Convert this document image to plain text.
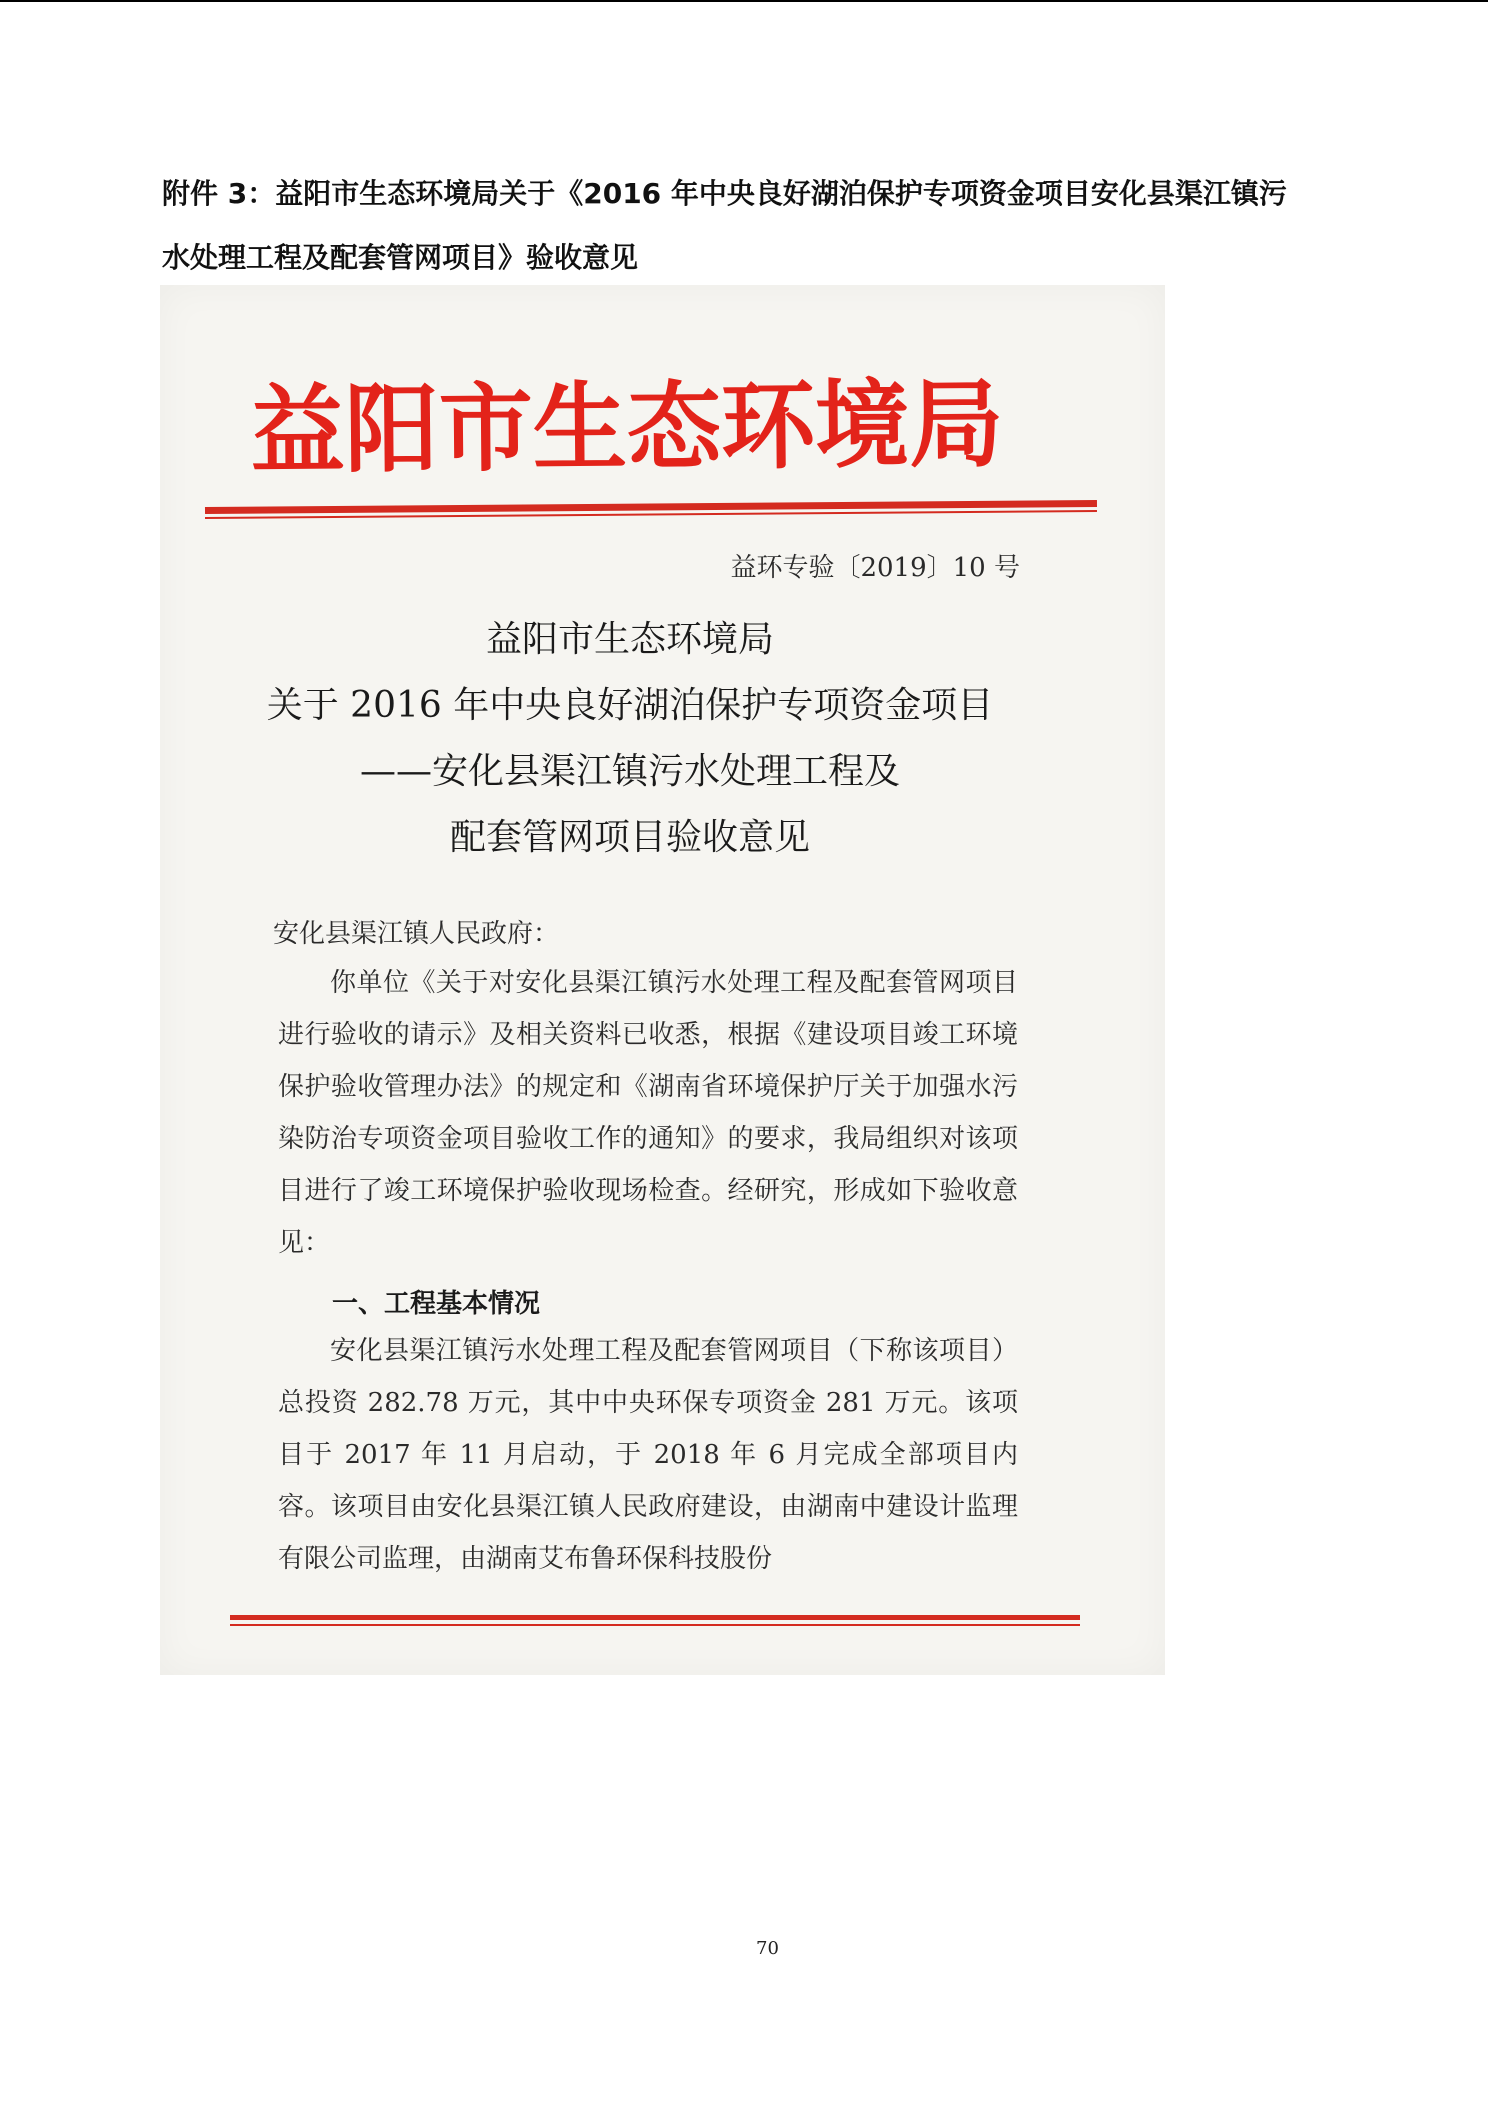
附件 3：益阳市生态环境局关于《2016 年中央良好湖泊保护专项资金项目安化县渠江镇污
水处理工程及配套管网项目》验收意见
益阳市生态环境局
益环专验〔2019〕10 号
益阳市生态环境局
关于 2016 年中央良好湖泊保护专项资金项目
——安化县渠江镇污水处理工程及
配套管网项目验收意见
安化县渠江镇人民政府：
你单位《关于对安化县渠江镇污水处理工程及配套管网项目进行验收的请示》及相关资料已收悉，根据《建设项目竣工环境保护验收管理办法》的规定和《湖南省环境保护厅关于加强水污染防治专项资金项目验收工作的通知》的要求，我局组织对该项目进行了竣工环境保护验收现场检查。经研究，形成如下验收意见：
一、工程基本情况
安化县渠江镇污水处理工程及配套管网项目（下称该项目）总投资 282.78 万元，其中中央环保专项资金 281 万元。该项目于 2017 年 11 月启动，于 2018 年 6 月完成全部项目内容。该项目由安化县渠江镇人民政府建设，由湖南中建设计监理有限公司监理，由湖南艾布鲁环保科技股份
70
